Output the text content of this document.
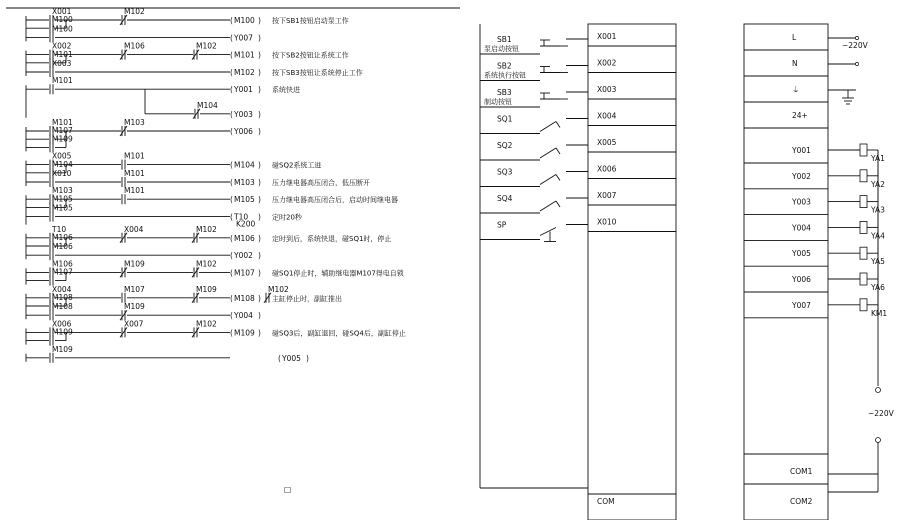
X001	M102
( M100 ) 按下SB1按钮启动泵工作
M100
M100
( Y007 )
X002	M106	M102
( M101 ) 按下SB2按钮让系统工作
M101
X003
( M102 ) 按下SB3按钮让系统停止工作
M101
( Y001 ) 系统快进
M104
( Y003 )
M101	M103
( Y006 )
M107
M109
X005	M101
( M104 ) 碰SQ2系统工进
M104
X010	M101
( M103 ) 压力继电器高压闭合，低压断开
M103	M101
( M105 ) 压力继电器高压闭合后，启动时间继电器
M105
M105
( T10 ) 定时20秒
K200
T10	X004	M102
( M106 ) 定时到后，系统快退，碰SQ1时，停止
M106
M106
( Y002 )
M106	M109	M102
( M107 ) 碰SQ1停止时，辅助继电器M107得电自锁
M107
X004	M107	M109	M102
( M108 ) 主缸停止时，副缸推出
M108
M108	M109
( Y004 )
X006	X007	M102
( M109 ) 碰SQ3后，副缸退回，碰SQ4后，副缸停止
M109
M109
( Y005 )
□
COM
X001
SB1
泵启动按钮
X002
SB2
系统执行按钮
X003
SB3
制动按钮
X004
SQ1
X005
SQ2
X006
SQ3
X007
SQ4
X010
SP
L
~220V
N
⏚
24+
Y001
YA1
Y002
YA2
Y003
YA3
Y004
YA4
Y005
YA5
Y006
YA6
Y007
KM1
~220V
COM1
COM2
